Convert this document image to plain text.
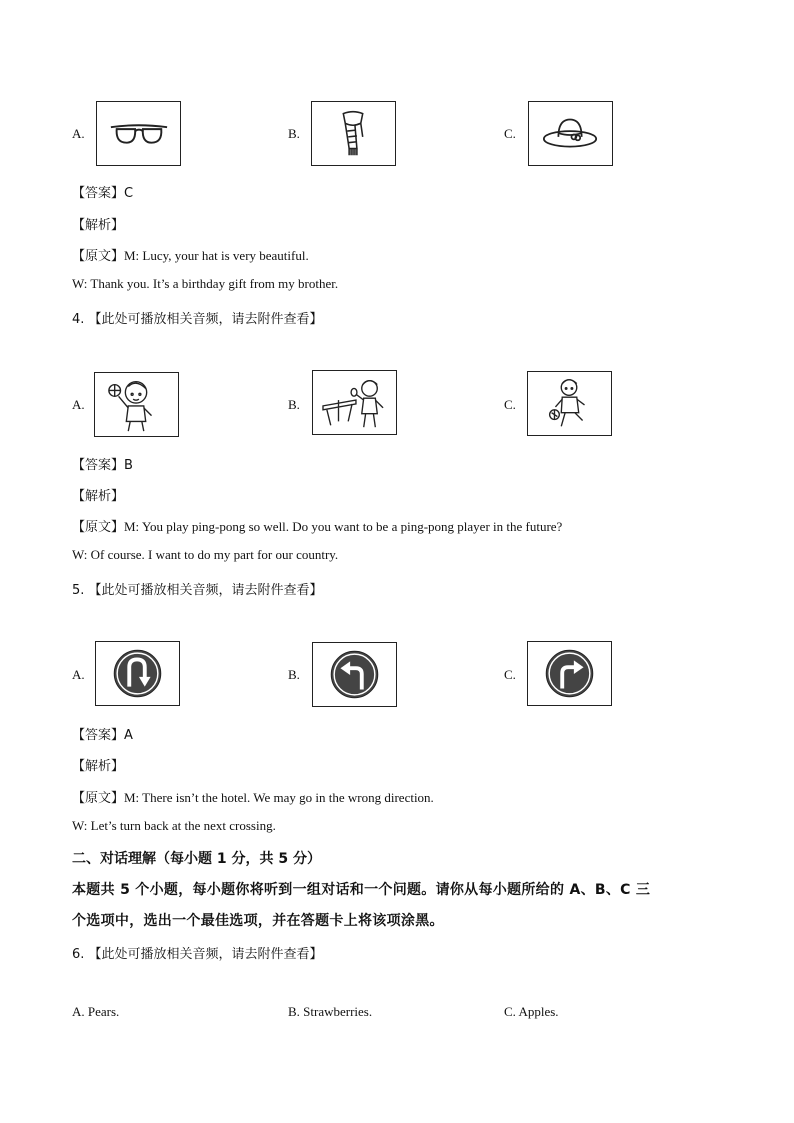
A.	B.	C.
【答案】C
【解析】
【原文】M: Lucy, your hat is very beautiful.
W: Thank you. It’s a birthday gift from my brother.
4. 【此处可播放相关音频，请去附件查看】
A.	B.	C.
【答案】B
【解析】
【原文】M: You play ping-pong so well. Do you want to be a ping-pong player in the future?
W: Of course. I want to do my part for our country.
5. 【此处可播放相关音频，请去附件查看】
A.	B.	C.
【答案】A
【解析】
【原文】M: There isn’t the hotel. We may go in the wrong direction.
W: Let’s turn back at the next crossing.
二、对话理解（每小题 1 分，共 5 分）
本题共 5 个小题，每小题你将听到一组对话和一个问题。请你从每小题所给的 A、B、C 三
个选项中，选出一个最佳选项，并在答题卡上将该项涂黑。
6. 【此处可播放相关音频，请去附件查看】
A. Pears.	B. Strawberries.	C. Apples.
